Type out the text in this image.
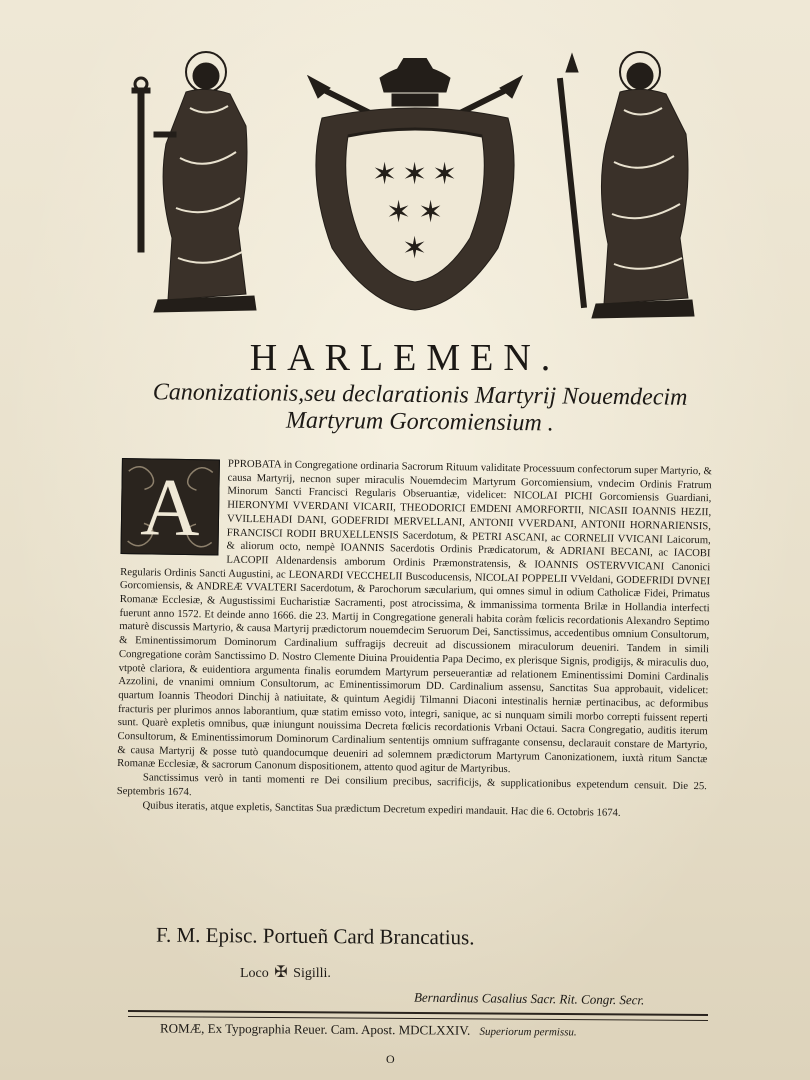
✶ ✶ ✶
✶ ✶
✶
HARLEMEN.
Canonizationis,seu declarationis Martyrij Nouemdecim
Martyrum Gorcomiensium .
A	PPROBATA in Congregatione ordinaria Sacrorum Rituum validitate Processuum confectorum super Martyrio, & causa Martyrij, necnon super miraculis Nouemdecim Martyrum Gorcomiensium, vndecim Ordinis Fratrum Minorum Sancti Francisci Regularis Obseruantiæ, videlicet: NICOLAI PICHI Gorcomiensis Guardiani, HIERONYMI VVERDANI VICARII, THEODORICI EMDENI AMORFORTII, NICASII IOANNIS HEZII, VVILLEHADI DANI, GODEFRIDI MERVELLANI, ANTONII VVERDANI, ANTONII HORNARIENSIS, FRANCISCI RODII BRUXELLENSIS Sacerdotum, & PETRI ASCANI, ac CORNELII VVICANI Laicorum, & aliorum octo, nempè IOANNIS Sacerdotis Ordinis Prædicatorum, & ADRIANI BECANI, ac IACOBI LACOPII Aldenardensis amborum Ordinis Præmonstratensis, & IOANNIS OSTERVVICANI Canonici Regularis Ordinis Sancti Augustini, ac LEONARDI VECCHELII Buscoducensis, NICOLAI POPPELII VVeldani, GODEFRIDI DVNEI Gorcomiensis, & ANDREÆ VVALTERI Sacerdotum, & Parochorum sæcularium, qui omnes simul in odium Catholicæ Fidei, Primatus Romanæ Ecclesiæ, & Augustissimi Eucharistiæ Sacramenti, post atrocissima, & immanissima tormenta Brilæ in Hollandia interfecti fuerunt anno 1572. Et deinde anno 1666. die 23. Martij in Congregatione generali habita coràm fœlicis recordationis Alexandro Septimo maturè discussis Martyrio, & causa Martyrij prædictorum nouemdecim Seruorum Dei, Sanctissimus, accedentibus omnium Consultorum, & Eminentissimorum Dominorum Cardinalium suffragijs decreuit ad discussionem miraculorum deueniri. Tandem in simili Congregatione coràm Sanctissimo D. Nostro Clemente Diuina Prouidentia Papa Decimo, ex plerisque Signis, prodigijs, & miraculis duo, vtpotè clariora, & euidentiora argumenta finalis eorumdem Martyrum perseuerantiæ ad relationem Eminentissimi Domini Cardinalis Azzolini, de vnanimi omnium Consultorum, ac Eminentissimorum DD. Cardinalium assensu, Sanctitas Sua approbauit, videlicet: quartum Ioannis Theodori Dinchij à natiuitate, & quintum Aegidij Tilmanni Diaconi intestinalis herniæ pertinacibus, ac deformibus fracturis per plurimos annos laborantium, quæ statim emisso voto, integri, sanique, ac si nunquam simili morbo correpti fuissent reperti sunt. Quarè expletis omnibus, quæ iniungunt nouissima Decreta fœlicis recordationis Vrbani Octaui. Sacra Congregatio, auditis iterum Consultorum, & Eminentissimorum Dominorum Cardinalium sententijs omnium suffragante consensu, declarauit constare de Martyrio, & causa Martyrij & posse tutò quandocumque deueniri ad solemnem prædictorum Martyrum Canonizationem, iuxtà ritum Sanctæ Romanæ Ecclesiæ, & sacrorum Canonum dispositionem, attento quod agitur de Martyribus.

Sanctissimus verò in tanti momenti re Dei consilium precibus, sacrificijs, & supplicationibus expetendum censuit. Die 25. Septembris 1674.

Quibus iteratis, atque expletis, Sanctitas Sua prædictum Decretum expediri mandauit. Hac die 6. Octobris 1674.

F. M. Episc. Portueñ Card Brancatius.
Loco ✠ Sigilli.
Bernardinus Casalius Sacr. Rit. Congr. Secr.
ROMÆ, Ex Typographia Reuer. Cam. Apost. MDCLXXIV. Superiorum permissu.
O
